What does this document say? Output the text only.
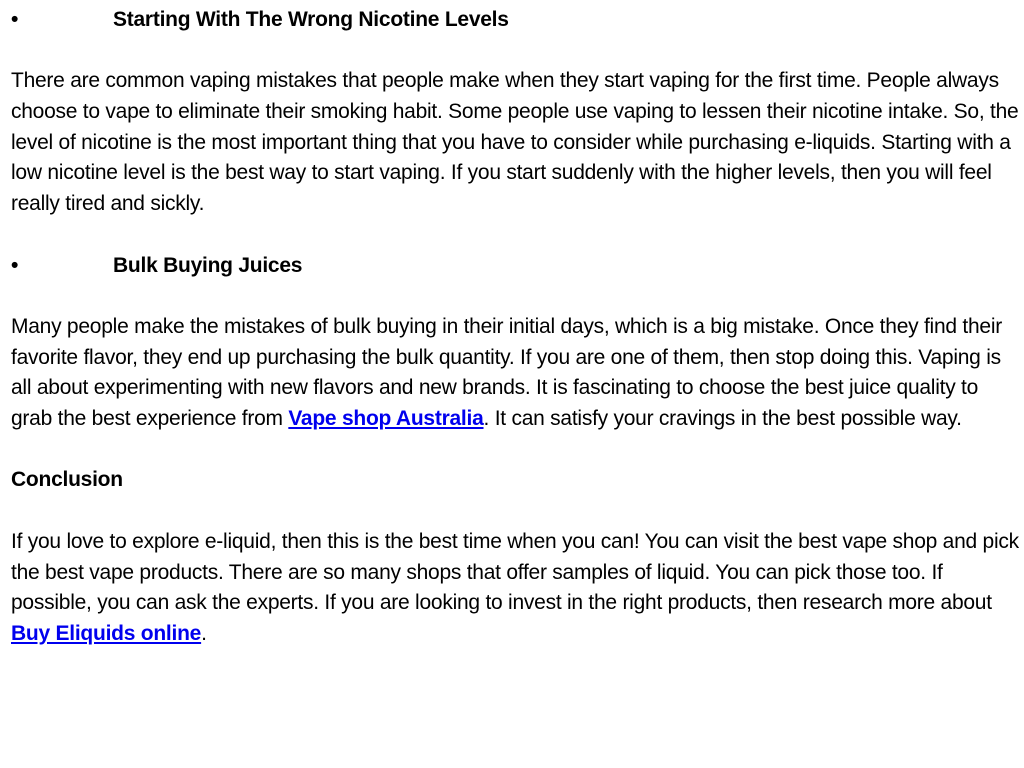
•	Starting With The Wrong Nicotine Levels

There are common vaping mistakes that people make when they start vaping for the first time. People always choose to vape to eliminate their smoking habit. Some people use vaping to lessen their nicotine intake. So, the level of nicotine is the most important thing that you have to consider while purchasing e-liquids. Starting with a low nicotine level is the best way to start vaping. If you start suddenly with the higher levels, then you will feel really tired and sickly.

•	Bulk Buying Juices

Many people make the mistakes of bulk buying in their initial days, which is a big mistake. Once they find their favorite flavor, they end up purchasing the bulk quantity. If you are one of them, then stop doing this. Vaping is all about experimenting with new flavors and new brands. It is fascinating to choose the best juice quality to grab the best experience from Vape shop Australia. It can satisfy your cravings in the best possible way.

Conclusion

If you love to explore e-liquid, then this is the best time when you can! You can visit the best vape shop and pick the best vape products. There are so many shops that offer samples of liquid. You can pick those too. If possible, you can ask the experts. If you are looking to invest in the right products, then research more about Buy Eliquids online.
